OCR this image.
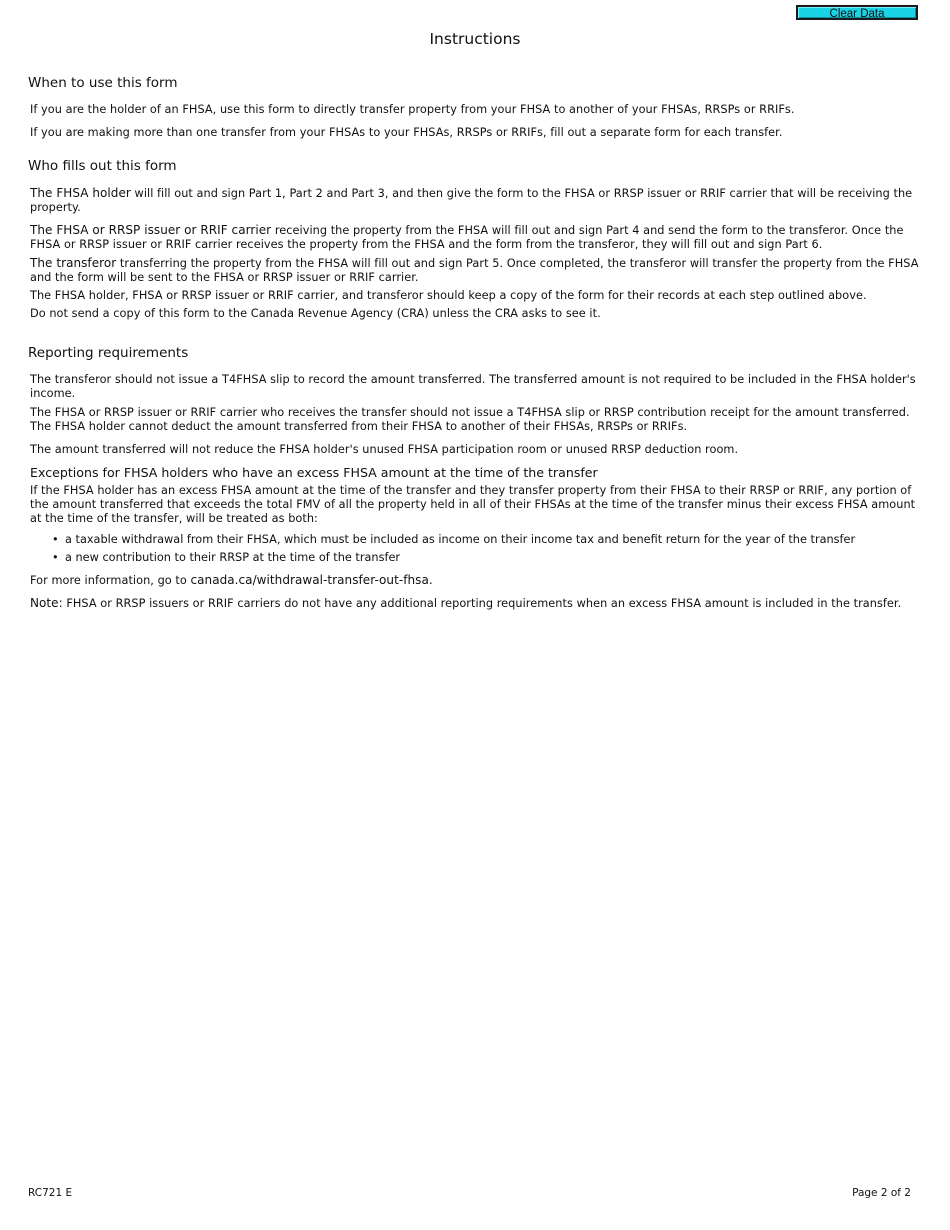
Clear Data
Instructions
When to use this form

If you are the holder of an FHSA, use this form to directly transfer property from your FHSA to another of your FHSAs, RRSPs or RRIFs.

If you are making more than one transfer from your FHSAs to your FHSAs, RRSPs or RRIFs, fill out a separate form for each transfer.

Who fills out this form

The FHSA holder will fill out and sign Part 1, Part 2 and Part 3, and then give the form to the FHSA or RRSP issuer or RRIF carrier that will be receiving the property.

The FHSA or RRSP issuer or RRIF carrier receiving the property from the FHSA will fill out and sign Part 4 and send the form to the transferor. Once the FHSA or RRSP issuer or RRIF carrier receives the property from the FHSA and the form from the transferor, they will fill out and sign Part 6.

The transferor transferring the property from the FHSA will fill out and sign Part 5. Once completed, the transferor will transfer the property from the FHSA and the form will be sent to the FHSA or RRSP issuer or RRIF carrier.

The FHSA holder, FHSA or RRSP issuer or RRIF carrier, and transferor should keep a copy of the form for their records at each step outlined above.

Do not send a copy of this form to the Canada Revenue Agency (CRA) unless the CRA asks to see it.

Reporting requirements

The transferor should not issue a T4FHSA slip to record the amount transferred. The transferred amount is not required to be included in the FHSA holder's income.

The FHSA or RRSP issuer or RRIF carrier who receives the transfer should not issue a T4FHSA slip or RRSP contribution receipt for the amount transferred. The FHSA holder cannot deduct the amount transferred from their FHSA to another of their FHSAs, RRSPs or RRIFs.

The amount transferred will not reduce the FHSA holder's unused FHSA participation room or unused RRSP deduction room.

Exceptions for FHSA holders who have an excess FHSA amount at the time of the transfer

If the FHSA holder has an excess FHSA amount at the time of the transfer and they transfer property from their FHSA to their RRSP or RRIF, any portion of the amount transferred that exceeds the total FMV of all the property held in all of their FHSAs at the time of the transfer minus their excess FHSA amount at the time of the transfer, will be treated as both:

• a taxable withdrawal from their FHSA, which must be included as income on their income tax and benefit return for the year of the transfer
• a new contribution to their RRSP at the time of the transfer

For more information, go to canada.ca/withdrawal-transfer-out-fhsa.

Note: FHSA or RRSP issuers or RRIF carriers do not have any additional reporting requirements when an excess FHSA amount is included in the transfer.

RC721 E	Page 2 of 2
